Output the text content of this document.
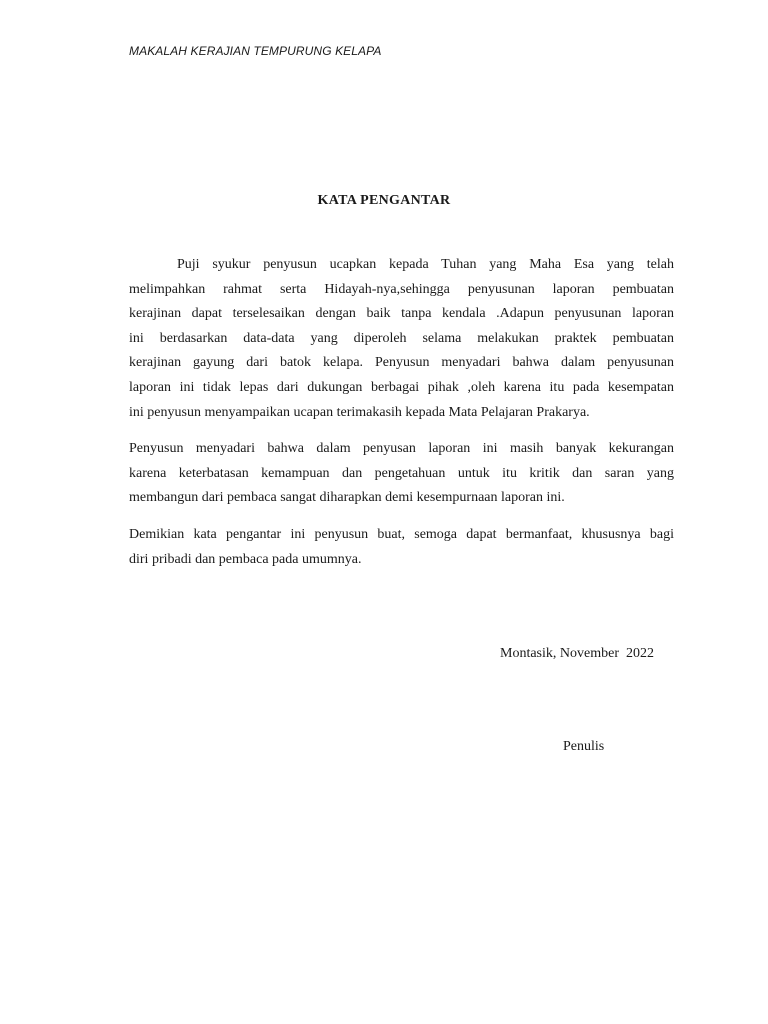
MAKALAH KERAJIAN TEMPURUNG KELAPA
KATA PENGANTAR
Puji syukur penyusun ucapkan kepada Tuhan yang Maha Esa yang telah
melimpahkan rahmat serta Hidayah-nya,sehingga penyusunan laporan pembuatan
kerajinan dapat terselesaikan dengan baik tanpa kendala .Adapun penyusunan laporan
ini berdasarkan data-data yang diperoleh selama melakukan praktek pembuatan
kerajinan gayung dari batok kelapa. Penyusun menyadari bahwa dalam penyusunan
laporan ini tidak lepas dari dukungan berbagai pihak ,oleh karena itu pada kesempatan
ini penyusun menyampaikan ucapan terimakasih kepada Mata Pelajaran Prakarya.
Penyusun menyadari bahwa dalam penyusan laporan ini masih banyak kekurangan
karena keterbatasan kemampuan dan pengetahuan untuk itu kritik dan saran yang
membangun dari pembaca sangat diharapkan demi kesempurnaan laporan ini.
Demikian kata pengantar ini penyusun buat, semoga dapat bermanfaat, khususnya bagi
diri pribadi dan pembaca pada umumnya.
Montasik, November  2022
Penulis
